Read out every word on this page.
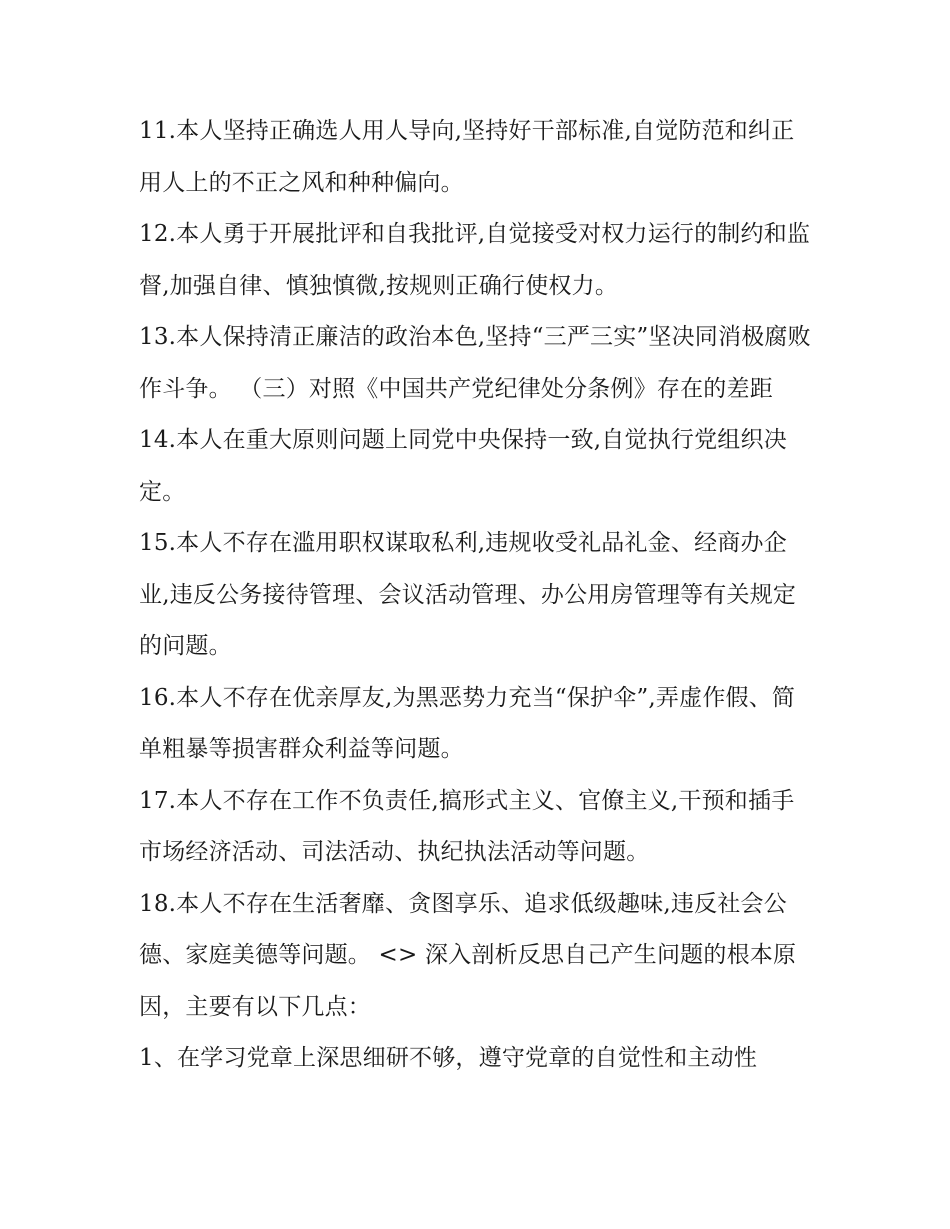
11.本人坚持正确选人用人导向,坚持好干部标准,自觉防范和纠正用人上的不正之风和种种偏向。

12.本人勇于开展批评和自我批评,自觉接受对权力运行的制约和监督,加强自律、慎独慎微,按规则正确行使权力。

13.本人保持清正廉洁的政治本色,坚持“三严三实”坚决同消极腐败作斗争。 （三）对照《中国共产党纪律处分条例》存在的差距

14.本人在重大原则问题上同党中央保持一致,自觉执行党组织决定。

15.本人不存在滥用职权谋取私利,违规收受礼品礼金、经商办企业,违反公务接待管理、会议活动管理、办公用房管理等有关规定的问题。

16.本人不存在优亲厚友,为黑恶势力充当“保护伞”,弄虚作假、简单粗暴等损害群众利益等问题。

17.本人不存在工作不负责任,搞形式主义、官僚主义,干预和插手市场经济活动、司法活动、执纪执法活动等问题。

18.本人不存在生活奢靡、贪图享乐、追求低级趣味,违反社会公德、家庭美德等问题。 <> 深入剖析反思自己产生问题的根本原因，主要有以下几点：

1、在学习党章上深思细研不够，遵守党章的自觉性和主动性
